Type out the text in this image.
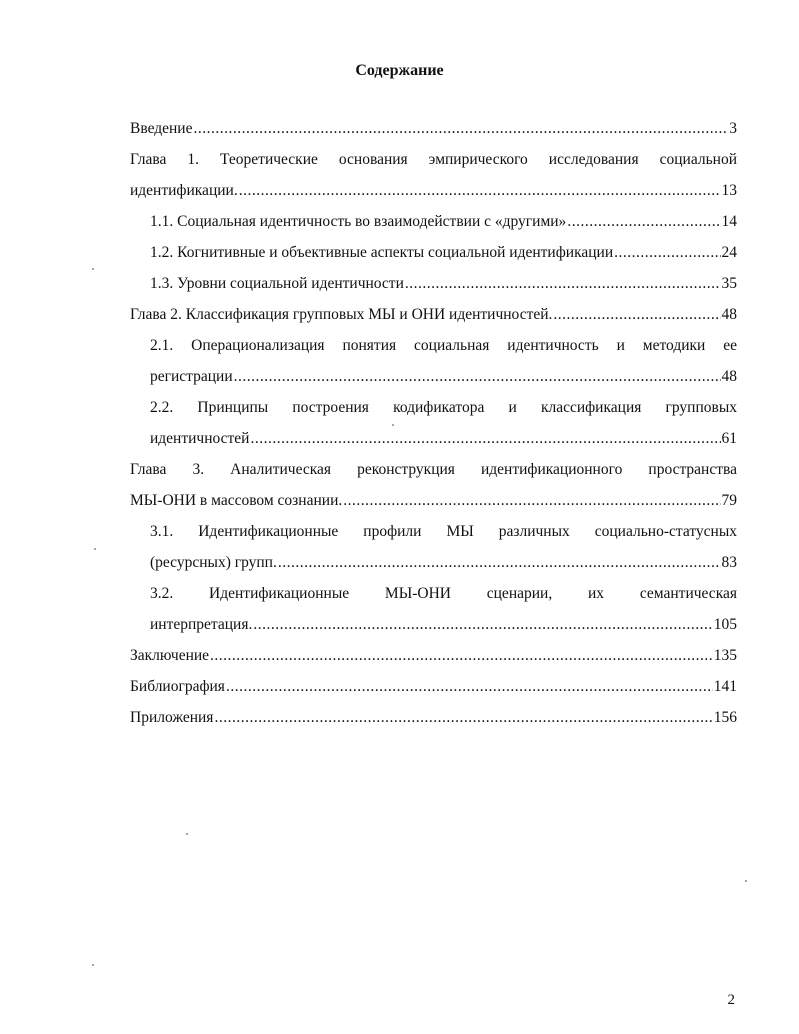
Содержание
Введение .....	3
Глава 1. Теоретические основания эмпирического исследования социальной
идентификации. .....	13
1.1. Социальная идентичность во взаимодействии с «другими» .....	14
1.2. Когнитивные и объективные аспекты социальной идентификации .....	24
1.3. Уровни социальной идентичности .....	35
Глава 2. Классификация групповых МЫ и ОНИ идентичностей. .....	48
2.1. Операционализация понятия социальная идентичность и методики ее
регистрации .....	48
2.2. Принципы построения кодификатора и классификация групповых
идентичностей .....	61
Глава 3. Аналитическая реконструкция идентификационного пространства
МЫ-ОНИ в массовом сознании. .....	79
3.1. Идентификационные профили МЫ различных социально-статусных
(ресурсных) групп. .....	83
3.2. Идентификационные МЫ-ОНИ сценарии, их семантическая
интерпретация. .....	105
Заключение .....	135
Библиография .....	141
Приложения .....	156
2
